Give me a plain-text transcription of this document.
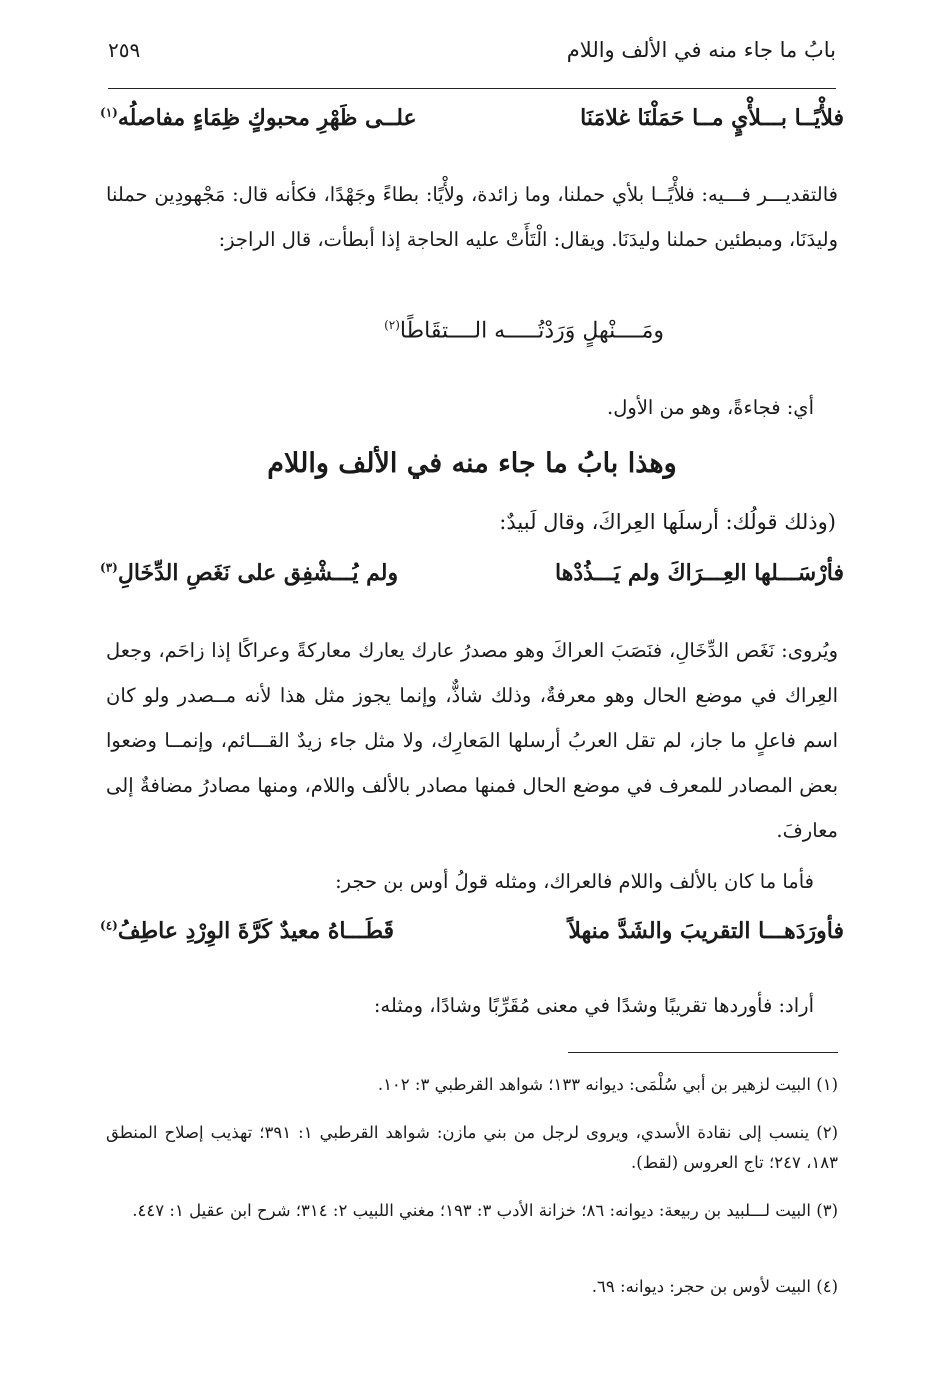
بابُ ما جاء منه في الألف واللام
٢٥٩
فلأْيًــا بـــلأْيٍ مــا حَمَلْنَا غلامَنَا
علــى ظَهْرِ محبوكٍ ظِمَاءٍ مفاصلُه$^{(١)}$
فالتقديـــر فـــيه: فلأْيًــا بلأي حملنا، وما زائدة، ولأْيًا: بطاءً وجَهْدًا، فكأنه قال: مَجْهودِين حملنا وليدَنَا، ومبطئين حملنا وليدَنَا. ويقال: الْتَأَتْ عليه الحاجة إذا أبطأت، قال الراجز:
ومَــــنْهلٍ وَرَدْتُـــــه الــــتقَاطًا$^{(٢)}$
أي: فجاءةً، وهو من الأول.
وهذا بابُ ما جاء منه في الألف واللام
(وذلك قولُك: أرسلَها العِراكَ، وقال لَبيدٌ:
فأرْسَـــلها العِـــرَاكَ ولم يَـــذُدْها
ولم يُـــشْفِق على نَغَصِ الدِّخَالِ$^{(٣)}$
ويُروى: نَغَص الدِّخَالِ، فنَصَبَ العراكَ وهو مصدرُ عارك يعارك معاركةً وعراكًا إذا زاحَم، وجعل العِراك في موضع الحال وهو معرفةٌ، وذلك شاذٌّ، وإنما يجوز مثل هذا لأنه مــصدر ولو كان اسم فاعلٍ ما جاز، لم تقل العربُ أرسلها المَعارِك، ولا مثل جاء زيدٌ القـــائم، وإنمــا وضعوا بعض المصادر للمعرف في موضع الحال فمنها مصادر بالألف واللام، ومنها مصادرُ مضافةٌ إلى معارفَ.
فأما ما كان بالألف واللام فالعراك، ومثله قولُ أوس بن حجر:
فأورَدَهـــا التقريبَ والشَدَّ منهلاً
قَطَـــاهُ معيدٌ كَرَّةَ الوِرْدِ عاطِفُ$^{(٤)}$
أراد: فأوردها تقريبًا وشدًا في معنى مُقَرِّبًا وشادًا، ومثله:
(١) البيت لزهير بن أبي سُلْمَى: ديوانه ١٣٣؛ شواهد القرطبي ٣: ١٠٢.
(٢) ينسب إلى نقادة الأسدي، ويروى لرجل من بني مازن: شواهد القرطبي ١: ٣٩١؛ تهذيب إصلاح المنطق ١٨٣، ٢٤٧؛ تاج العروس (لقط).
(٣) البيت لـــلبيد بن ربيعة: ديوانه: ٨٦؛ خزانة الأدب ٣: ١٩٣؛ مغني اللبيب ٢: ٣١٤؛ شرح ابن عقيل ١: ٤٤٧.
(٤) البيت لأوس بن حجر: ديوانه: ٦٩.
